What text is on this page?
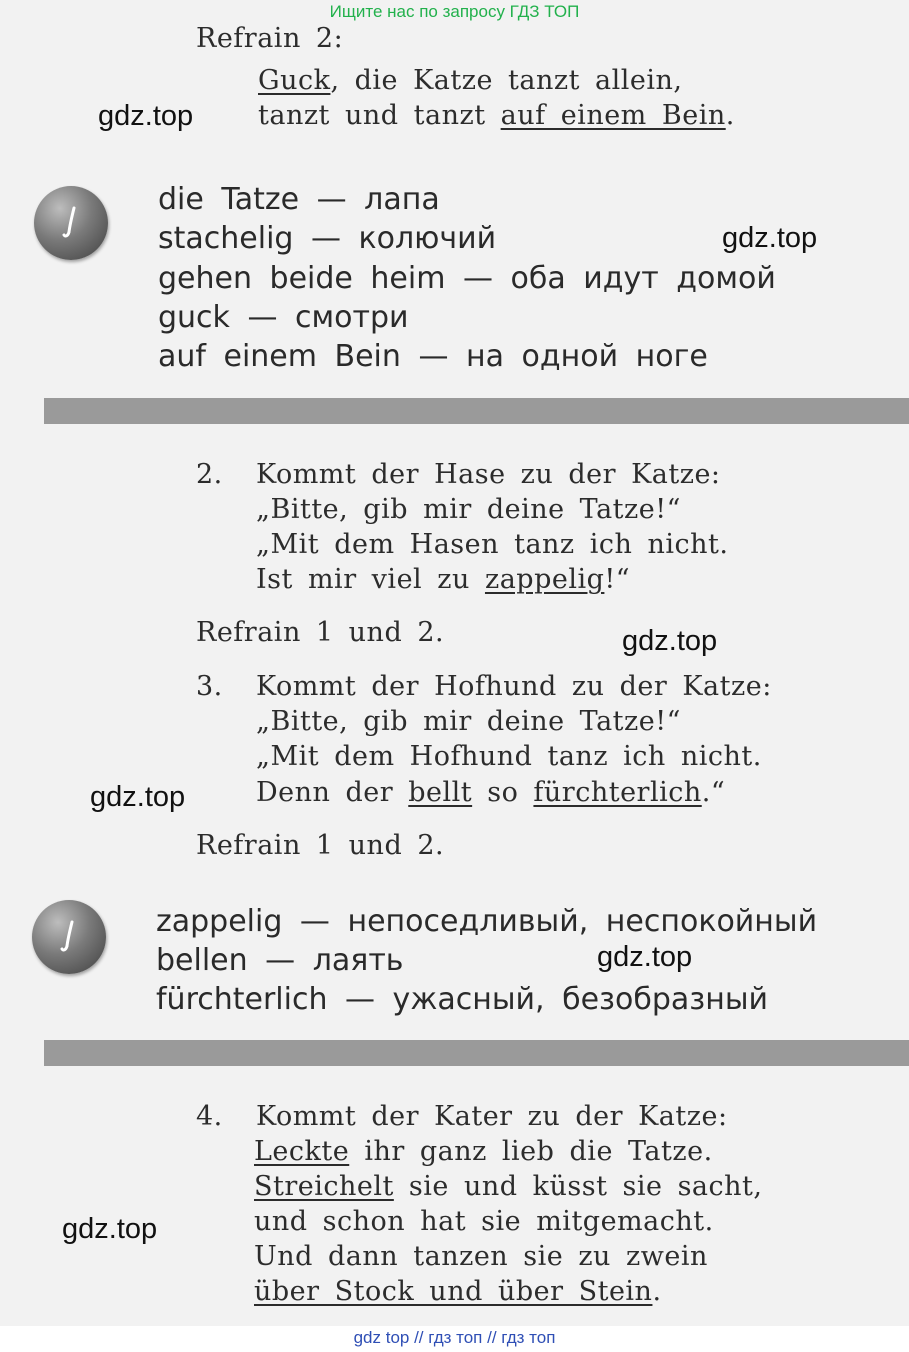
Ищите нас по запросу ГДЗ ТОП
Refrain 2:
Guck, die Katze tanzt allein,
tanzt und tanzt auf einem Bein.
die Tatze — лапа
stachelig — колючий
gehen beide heim — оба идут домой
guck — смотри
auf einem Bein — на одной ноге
2. Kommt der Hase zu der Katze:
„Bitte, gib mir deine Tatze!“
„Mit dem Hasen tanz ich nicht.
Ist mir viel zu zappelig!“
Refrain 1 und 2.
3. Kommt der Hofhund zu der Katze:
„Bitte, gib mir deine Tatze!“
„Mit dem Hofhund tanz ich nicht.
Denn der bellt so fürchterlich.“
Refrain 1 und 2.
zappelig — непоседливый, неспокойный
bellen — лаять
fürchterlich — ужасный, безобразный
4. Kommt der Kater zu der Katze:
Leckte ihr ganz lieb die Tatze.
Streichelt sie und küsst sie sacht,
und schon hat sie mitgemacht.
Und dann tanzen sie zu zwein
über Stock und über Stein.
gdz.top
gdz.top
gdz.top
gdz.top
gdz.top
gdz.top
gdz top // гдз топ // гдз топ
